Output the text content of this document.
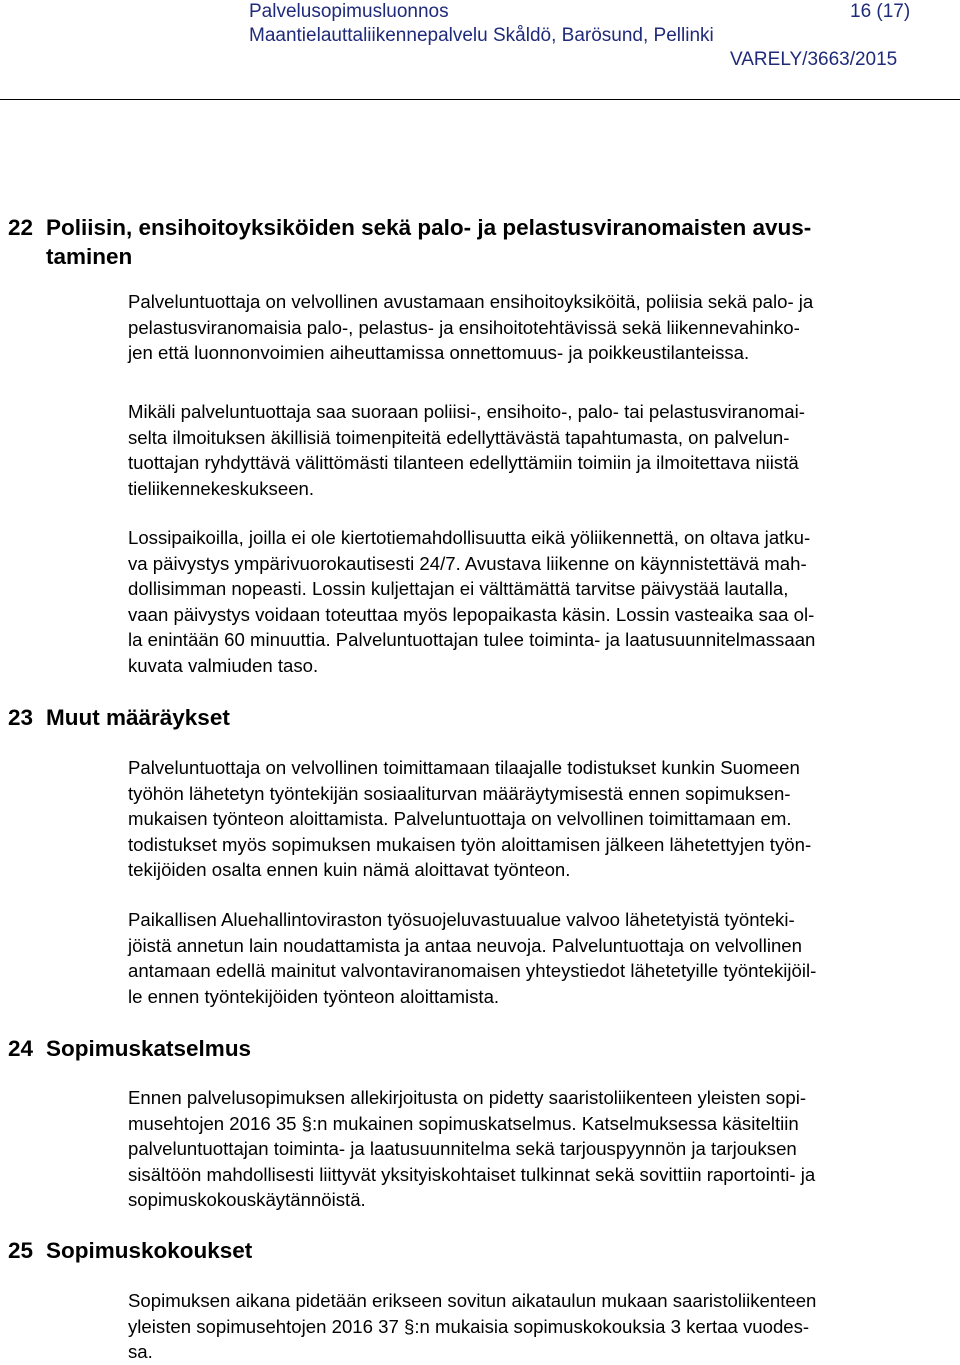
Palvelusopimusluonnos	16 (17)
Maantielauttaliikennepalvelu Skåldö, Barösund, Pellinki
VARELY/3663/2015
22 Poliisin, ensihoitoyksiköiden sekä palo- ja pelastusviranomaisten avus-
taminen
Palveluntuottaja on velvollinen avustamaan ensihoitoyksiköitä, poliisia sekä palo- ja
pelastusviranomaisia palo-, pelastus- ja ensihoitotehtävissä sekä liikennevahinko-
jen että luonnonvoimien aiheuttamissa onnettomuus- ja poikkeustilanteissa.
Mikäli palveluntuottaja saa suoraan poliisi-, ensihoito-, palo- tai pelastusviranomai-
selta ilmoituksen äkillisiä toimenpiteitä edellyttävästä tapahtumasta, on palvelun-
tuottajan ryhdyttävä välittömästi tilanteen edellyttämiin toimiin ja ilmoitettava niistä
tieliikennekeskukseen.
Lossipaikoilla, joilla ei ole kiertotiemahdollisuutta eikä yöliikennettä, on oltava jatku-
va päivystys ympärivuorokautisesti 24/7. Avustava liikenne on käynnistettävä mah-
dollisimman nopeasti. Lossin kuljettajan ei välttämättä tarvitse päivystää lautalla,
vaan päivystys voidaan toteuttaa myös lepopaikasta käsin. Lossin vasteaika saa ol-
la enintään 60 minuuttia. Palveluntuottajan tulee toiminta- ja laatusuunnitelmassaan
kuvata valmiuden taso.
23 Muut määräykset
Palveluntuottaja on velvollinen toimittamaan tilaajalle todistukset kunkin Suomeen
työhön lähetetyn työntekijän sosiaaliturvan määräytymisestä ennen sopimuksen-
mukaisen työnteon aloittamista. Palveluntuottaja on velvollinen toimittamaan em.
todistukset myös sopimuksen mukaisen työn aloittamisen jälkeen lähetettyjen työn-
tekijöiden osalta ennen kuin nämä aloittavat työnteon.
Paikallisen Aluehallintoviraston työsuojeluvastuualue valvoo lähetetyistä työnteki-
jöistä annetun lain noudattamista ja antaa neuvoja. Palveluntuottaja on velvollinen
antamaan edellä mainitut valvontaviranomaisen yhteystiedot lähetetyille työntekijöil-
le ennen työntekijöiden työnteon aloittamista.
24 Sopimuskatselmus
Ennen palvelusopimuksen allekirjoitusta on pidetty saaristoliikenteen yleisten sopi-
musehtojen 2016 35 §:n mukainen sopimuskatselmus. Katselmuksessa käsiteltiin
palveluntuottajan toiminta- ja laatusuunnitelma sekä tarjouspyynnön ja tarjouksen
sisältöön mahdollisesti liittyvät yksityiskohtaiset tulkinnat sekä sovittiin raportointi- ja
sopimuskokouskäytännöistä.
25 Sopimuskokoukset
Sopimuksen aikana pidetään erikseen sovitun aikataulun mukaan saaristoliikenteen
yleisten sopimusehtojen 2016 37 §:n mukaisia sopimuskokouksia 3 kertaa vuodes-
sa.
